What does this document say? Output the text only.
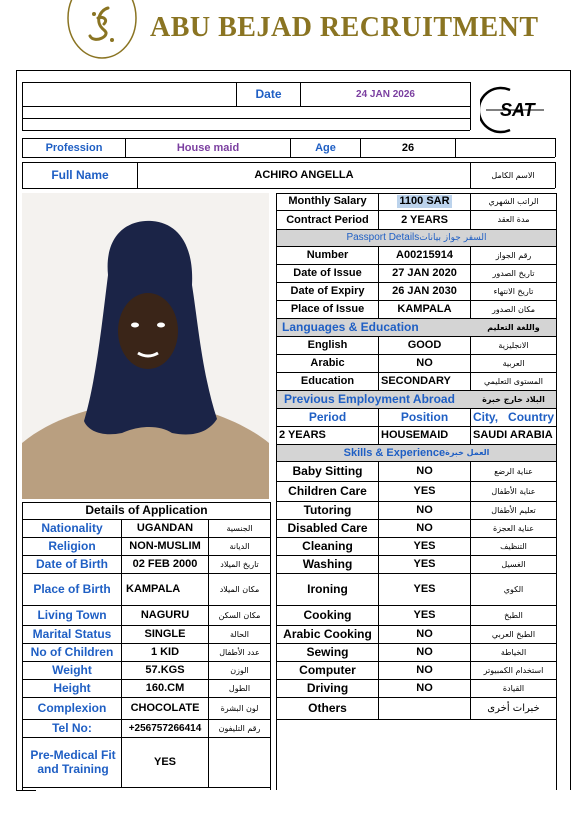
ABU BEJAD RECRUITMENT
Date	24 JAN 2026
SAT
Profession	House maid	Age	26
Full Name	ACHIRO ANGELLA	الاسم الكامل
Monthly Salary	1100 SAR	الراتب الشهري
Contract Period	2 YEARS	مدة العقد
Passport Details السفر جواز بيانات
Number	A00215914	رقم الجواز
Date of Issue	27 JAN 2020	تاريخ الصدور
Date of Expiry	26 JAN 2030	تاريخ الانتهاء
Place of Issue	KAMPALA	مكان الصدور
Languages & Education	واللغة التعليم
English	GOOD	الانجليزية
Arabic	NO	العربية
Education	SECONDARY	المستوى التعليمي
Previous Employment Abroad	البلاد خارج خبرة
Period	Position	City,   Country
2 YEARS	HOUSEMAID	SAUDI ARABIA
Skills & Experience العمل خبرة
Baby Sitting	NO	عناية الرضع
Children Care	YES	عناية الأطفال
Tutoring	NO	تعليم الأطفال
Disabled Care	NO	عناية العجزة
Cleaning	YES	التنظيف
Washing	YES	الغسيل
Ironing	YES	الكوي
Cooking	YES	الطبخ
Arabic Cooking	NO	الطبخ العربي
Sewing	NO	الخياطة
Computer	NO	استخدام الكمبيوتر
Driving	NO	القيادة
Others	خبرات أخرى
Details of Application
Nationality	UGANDAN	الجنسية
Religion	NON-MUSLIM	الديانة
Date of Birth	02 FEB 2000	تاريخ الميلاد
Place of Birth	KAMPALA	مكان الميلاد
Living Town	NAGURU	مكان السكن
Marital Status	SINGLE	الحالة
No of Children	1 KID	عدد الأطفال
Weight	57.KGS	الوزن
Height	160.CM	الطول
Complexion	CHOCOLATE	لون البشرة
Tel No:	+256757266414	رقم التليفون
Pre-Medical Fit and Training	YES
